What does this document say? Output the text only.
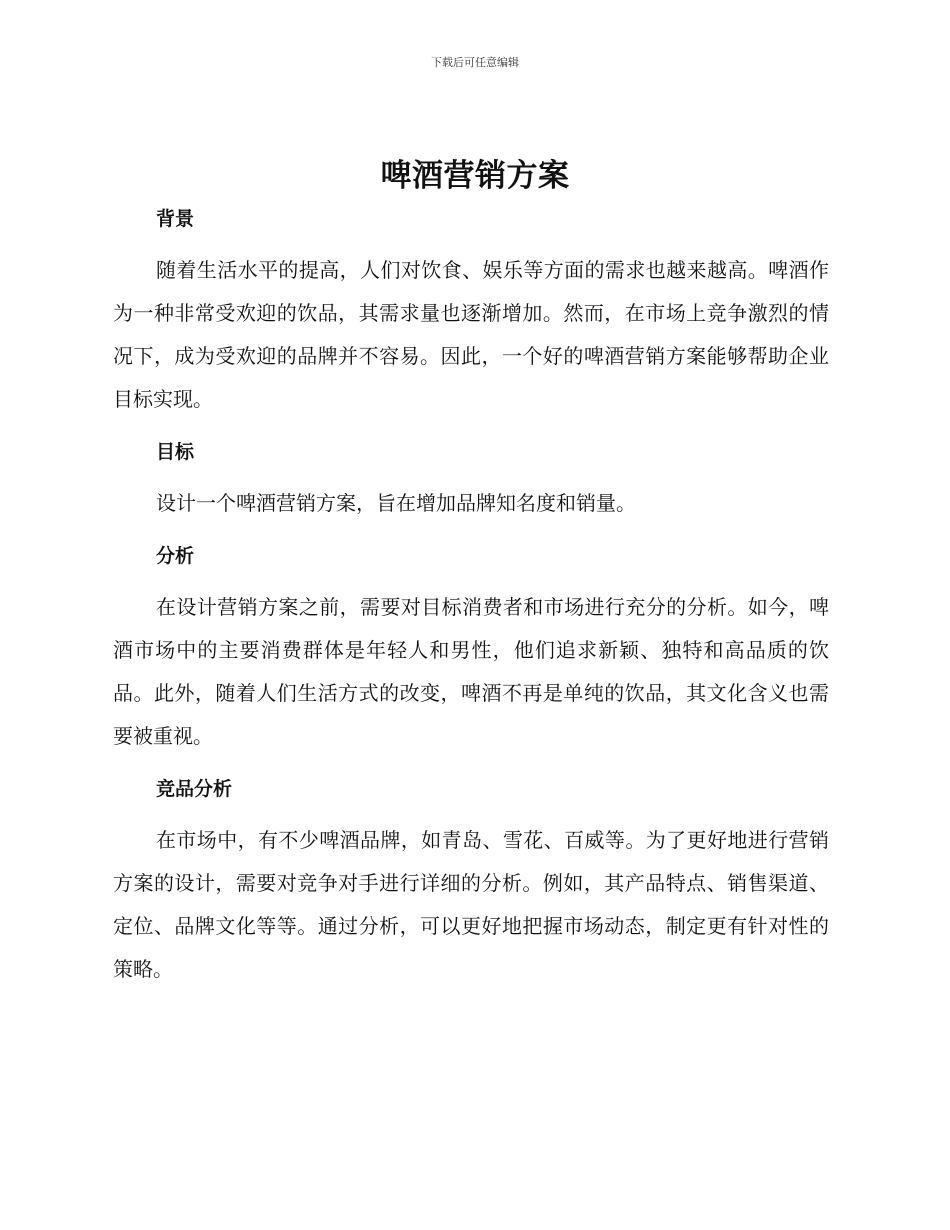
下载后可任意编辑
啤酒营销方案
背景

随着生活水平的提高，人们对饮食、娱乐等方面的需求也越来越高。啤酒作为一种非常受欢迎的饮品，其需求量也逐渐增加。然而，在市场上竞争激烈的情况下，成为受欢迎的品牌并不容易。因此，一个好的啤酒营销方案能够帮助企业目标实现。

目标

设计一个啤酒营销方案，旨在增加品牌知名度和销量。

分析

在设计营销方案之前，需要对目标消费者和市场进行充分的分析。如今，啤酒市场中的主要消费群体是年轻人和男性，他们追求新颖、独特和高品质的饮品。此外，随着人们生活方式的改变，啤酒不再是单纯的饮品，其文化含义也需要被重视。

竞品分析

在市场中，有不少啤酒品牌，如青岛、雪花、百威等。为了更好地进行营销方案的设计，需要对竞争对手进行详细的分析。例如，其产品特点、销售渠道、定位、品牌文化等等。通过分析，可以更好地把握市场动态，制定更有针对性的策略。
